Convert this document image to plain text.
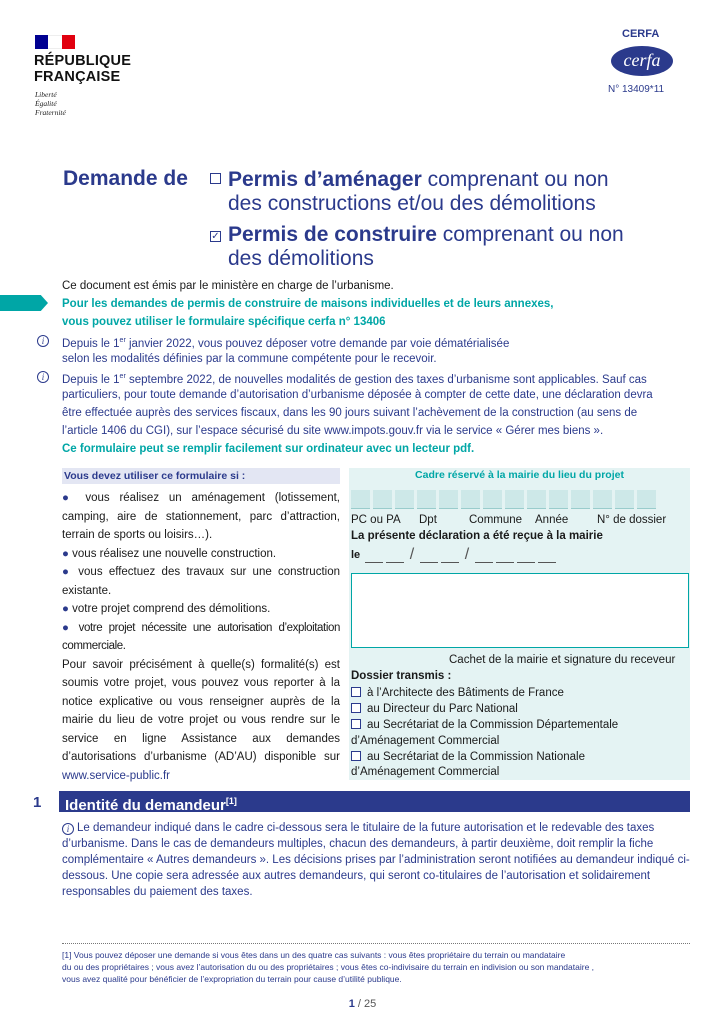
RÉPUBLIQUE
FRANÇAISE
Liberté
Égalité
Fraternité
CERFA
cerfa
N° 13409*11
Demande de	Permis d’aménager comprenant ou non
des constructions et/ou des démolitions
✓ Permis de construire comprenant ou non
des démolitions
Ce document est émis par le ministère en charge de l’urbanisme.
Pour les demandes de permis de construire de maisons individuelles et de leurs annexes,
vous pouvez utiliser le formulaire spécifique cerfa n° 13406
i	Depuis le 1er janvier 2022, vous pouvez déposer votre demande par voie dématérialisée
selon les modalités définies par la commune compétente pour le recevoir.
i	Depuis le 1er septembre 2022, de nouvelles modalités de gestion des taxes d’urbanisme sont applicables. Sauf cas
particuliers, pour toute demande d’autorisation d’urbanisme déposée à compter de cette date, une déclaration devra
être effectuée auprès des services fiscaux, dans les 90 jours suivant l’achèvement de la construction (au sens de
l’article 1406 du CGI), sur l’espace sécurisé du site www.impots.gouv.fr via le service « Gérer mes biens ».
Ce formulaire peut se remplir facilement sur ordinateur avec un lecteur pdf.
Vous devez utiliser ce formulaire si :

● vous réalisez un aménagement (lotissement, camping, aire de stationnement, parc d’attraction, terrain de sports ou loisirs…).

● vous réalisez une nouvelle construction.

● vous effectuez des travaux sur une construction existante.

● votre projet comprend des démolitions.

● votre projet nécessite une autorisation d’exploitation commerciale.

Pour savoir précisément à quelle(s) formalité(s) est soumis votre projet, vous pouvez vous reporter à la notice explicative ou vous renseigner auprès de la mairie du lieu de votre projet ou vous rendre sur le service en ligne Assistance aux demandes d’autorisations d’urbanisme (AD’AU) disponible sur www.service-public.fr

Cadre réservé à la mairie du lieu du projet
PC ou PA Dpt	Commune Année N° de dossier
La présente déclaration a été reçue à la mairie
le	/	/
Cachet de la mairie et signature du receveur
Dossier transmis :
à l’Architecte des Bâtiments de France
au Directeur du Parc National
au Secrétariat de la Commission Départementale
d’Aménagement Commercial
au Secrétariat de la Commission Nationale
d’Aménagement Commercial
1	Identité du demandeur[1]
i Le demandeur indiqué dans le cadre ci-dessous sera le titulaire de la future autorisation et le redevable des taxes d’urbanisme. Dans le cas de demandeurs multiples, chacun des demandeurs, à partir deuxième, doit remplir la fiche complémentaire « Autres demandeurs ». Les décisions prises par l’administration seront notifiées au demandeur indiqué ci-dessous. Une copie sera adressée aux autres demandeurs, qui seront co-titulaires de l’autorisation et solidairement responsables du paiement des taxes.
[1] Vous pouvez déposer une demande si vous êtes dans un des quatre cas suivants : vous êtes propriétaire du terrain ou mandataire
du ou des propriétaires ; vous avez l’autorisation du ou des propriétaires ; vous êtes co-indivisaire du terrain en indivision ou son mandataire ,
vous avez qualité pour bénéficier de l’expropriation du terrain pour cause d’utilité publique.
1 / 25
